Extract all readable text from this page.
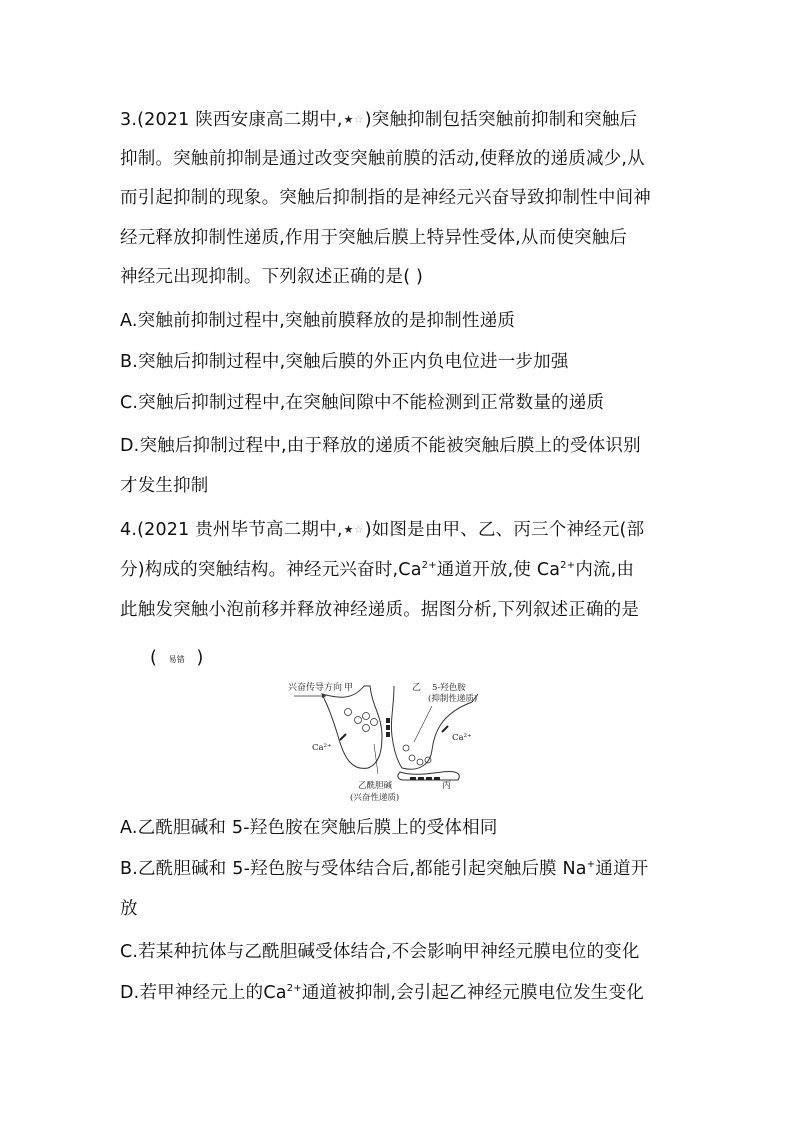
3.(2021 陕西安康高二期中,★☆)突触抑制包括突触前抑制和突触后
抑制。突触前抑制是通过改变突触前膜的活动,使释放的递质减少,从
而引起抑制的现象。突触后抑制指的是神经元兴奋导致抑制性中间神
经元释放抑制性递质,作用于突触后膜上特异性受体,从而使突触后
神经元出现抑制。下列叙述正确的是( )
A.突触前抑制过程中,突触前膜释放的是抑制性递质
B.突触后抑制过程中,突触后膜的外正内负电位进一步加强
C.突触后抑制过程中,在突触间隙中不能检测到正常数量的递质
D.突触后抑制过程中,由于释放的递质不能被突触后膜上的受体识别
才发生抑制
4.(2021 贵州毕节高二期中,★☆)如图是由甲、乙、丙三个神经元(部
分)构成的突触结构。神经元兴奋时$,Ca^{2+}$通道开放,使 $Ca^{2+}$内流,由
此触发突触小泡前移并释放神经递质。据图分析,下列叙述正确的是
( 易错 )
兴奋传导方向 甲	乙 5-羟色胺
(抑制性递质)
Ca²⁺
Ca²⁺
丙
乙酰胆碱
(兴奋性递质)
A.乙酰胆碱和 5-羟色胺在突触后膜上的受体相同
B.乙酰胆碱和 5-羟色胺与受体结合后,都能引起突触后膜 Na+通道开
放
C.若某种抗体与乙酰胆碱受体结合,不会影响甲神经元膜电位的变化
D.若甲神经元上的$Ca^{2+}$通道被抑制,会引起乙神经元膜电位发生变化
